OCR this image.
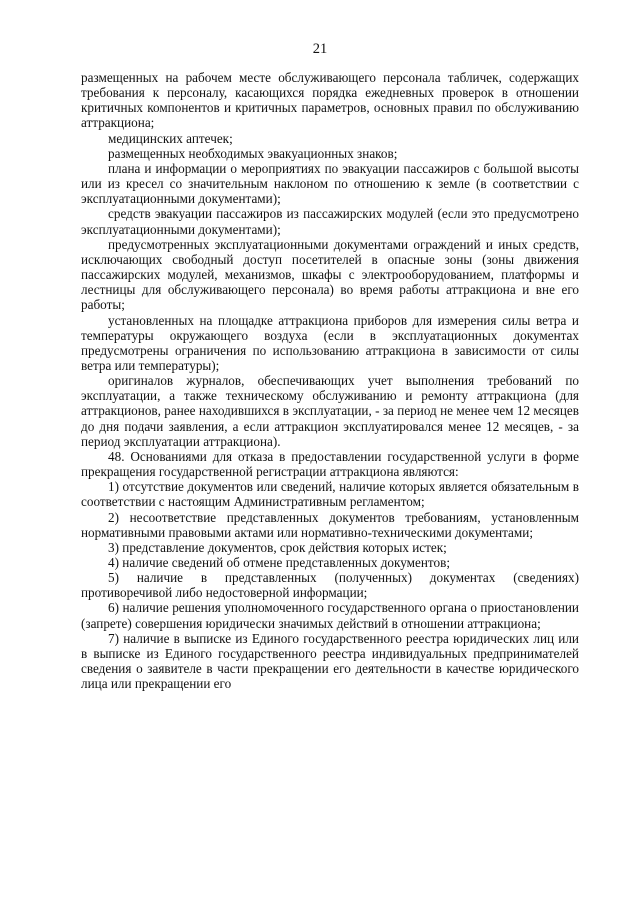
21

размещенных на рабочем месте обслуживающего персонала табличек, содержащих требования к персоналу, касающихся порядка ежедневных проверок в отношении критичных компонентов и критичных параметров, основных правил по обслуживанию аттракциона;

медицинских аптечек;

размещенных необходимых эвакуационных знаков;

плана и информации о мероприятиях по эвакуации пассажиров с большой высоты или из кресел со значительным наклоном по отношению к земле (в соответствии с эксплуатационными документами);

средств эвакуации пассажиров из пассажирских модулей (если это предусмотрено эксплуатационными документами);

предусмотренных эксплуатационными документами ограждений и иных средств, исключающих свободный доступ посетителей в опасные зоны (зоны движения пассажирских модулей, механизмов, шкафы с электрооборудованием, платформы и лестницы для обслуживающего персонала) во время работы аттракциона и вне его работы;

установленных на площадке аттракциона приборов для измерения силы ветра и температуры окружающего воздуха (если в эксплуатационных документах предусмотрены ограничения по использованию аттракциона в зависимости от силы ветра или температуры);

оригиналов журналов, обеспечивающих учет выполнения требований по эксплуатации, а также техническому обслуживанию и ремонту аттракциона (для аттракционов, ранее находившихся в эксплуатации, - за период не менее чем 12 месяцев до дня подачи заявления, а если аттракцион эксплуатировался менее 12 месяцев, - за период эксплуатации аттракциона).

48. Основаниями для отказа в предоставлении государственной услуги в форме прекращения государственной регистрации аттракциона являются:

1) отсутствие документов или сведений, наличие которых является обязательным в соответствии с настоящим Административным регламентом;

2) несоответствие представленных документов требованиям, установленным нормативными правовыми актами или нормативно-техническими документами;

3) представление документов, срок действия которых истек;

4) наличие сведений об отмене представленных документов;

5) наличие в представленных (полученных) документах (сведениях) противоречивой либо недостоверной информации;

6) наличие решения уполномоченного государственного органа о приостановлении (запрете) совершения юридически значимых действий в отношении аттракциона;

7) наличие в выписке из Единого государственного реестра юридических лиц или в выписке из Единого государственного реестра индивидуальных предпринимателей сведения о заявителе в части прекращении его деятельности в качестве юридического лица или прекращении его
